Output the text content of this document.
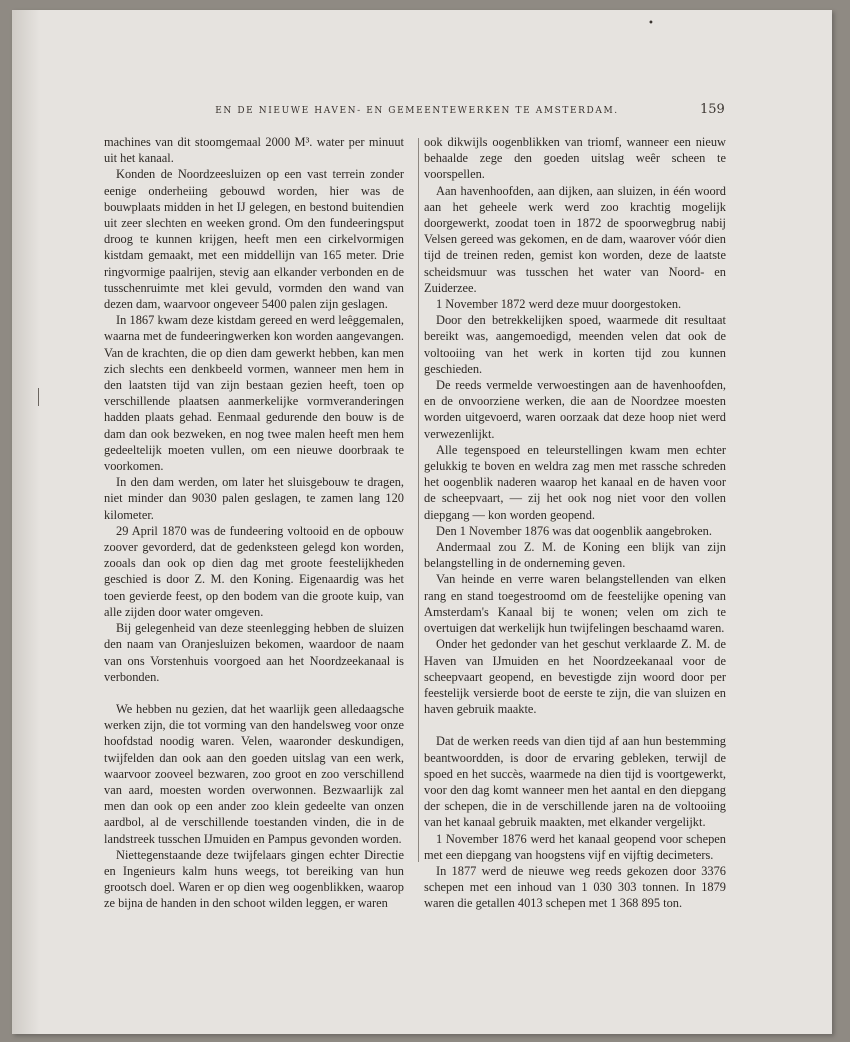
•
EN DE NIEUWE HAVEN- EN GEMEENTEWERKEN TE AMSTERDAM.	159

machines van dit stoomgemaal 2000 M³. water per minuut uit het kanaal.

Konden de Noordzeesluizen op een vast terrein zonder eenige onderheiing gebouwd worden, hier was de bouwplaats midden in het IJ gelegen, en bestond buitendien uit zeer slechten en weeken grond. Om den fundeeringsput droog te kunnen krijgen, heeft men een cirkelvormigen kistdam gemaakt, met een middellijn van 165 meter. Drie ringvormige paalrijen, stevig aan elkander verbonden en de tusschenruimte met klei gevuld, vormden den wand van dezen dam, waarvoor ongeveer 5400 palen zijn geslagen.

In 1867 kwam deze kistdam gereed en werd leêggemalen, waarna met de fundeeringwerken kon worden aangevangen. Van de krachten, die op dien dam gewerkt hebben, kan men zich slechts een denkbeeld vormen, wanneer men hem in den laatsten tijd van zijn bestaan gezien heeft, toen op verschillende plaatsen aanmerkelijke vormveranderingen hadden plaats gehad. Eenmaal gedurende den bouw is de dam dan ook bezweken, en nog twee malen heeft men hem gedeeltelijk moeten vullen, om een nieuwe doorbraak te voorkomen.

In den dam werden, om later het sluisgebouw te dragen, niet minder dan 9030 palen geslagen, te zamen lang 120 kilometer.

29 April 1870 was de fundeering voltooid en de opbouw zoover gevorderd, dat de gedenksteen gelegd kon worden, zooals dan ook op dien dag met groote feestelijkheden geschied is door Z. M. den Koning. Eigenaardig was het toen gevierde feest, op den bodem van die groote kuip, van alle zijden door water omgeven.

Bij gelegenheid van deze steenlegging hebben de sluizen den naam van Oranjesluizen bekomen, waardoor de naam van ons Vorstenhuis voorgoed aan het Noordzeekanaal is verbonden.

We hebben nu gezien, dat het waarlijk geen alledaagsche werken zijn, die tot vorming van den handelsweg voor onze hoofdstad noodig waren. Velen, waaronder deskundigen, twijfelden dan ook aan den goeden uitslag van een werk, waarvoor zooveel bezwaren, zoo groot en zoo verschillend van aard, moesten worden overwonnen. Bezwaarlijk zal men dan ook op een ander zoo klein gedeelte van onzen aardbol, al de verschillende toestanden vinden, die in de landstreek tusschen IJmuiden en Pampus gevonden worden.

Niettegenstaande deze twijfelaars gingen echter Directie en Ingenieurs kalm huns weegs, tot bereiking van hun grootsch doel. Waren er op dien weg oogenblikken, waarop ze bijna de handen in den schoot wilden leggen, er waren

ook dikwijls oogenblikken van triomf, wanneer een nieuw behaalde zege den goeden uitslag weêr scheen te voorspellen.

Aan havenhoofden, aan dijken, aan sluizen, in één woord aan het geheele werk werd zoo krachtig mogelijk doorgewerkt, zoodat toen in 1872 de spoorwegbrug nabij Velsen gereed was gekomen, en de dam, waarover vóór dien tijd de treinen reden, gemist kon worden, deze de laatste scheidsmuur was tusschen het water van Noord- en Zuiderzee.

1 November 1872 werd deze muur doorgestoken.

Door den betrekkelijken spoed, waarmede dit resultaat bereikt was, aangemoedigd, meenden velen dat ook de voltooiing van het werk in korten tijd zou kunnen geschieden.

De reeds vermelde verwoestingen aan de havenhoofden, en de onvoorziene werken, die aan de Noordzee moesten worden uitgevoerd, waren oorzaak dat deze hoop niet werd verwezenlijkt.

Alle tegenspoed en teleurstellingen kwam men echter gelukkig te boven en weldra zag men met rassche schreden het oogenblik naderen waarop het kanaal en de haven voor de scheepvaart, — zij het ook nog niet voor den vollen diepgang — kon worden geopend.

Den 1 November 1876 was dat oogenblik aangebroken.

Andermaal zou Z. M. de Koning een blijk van zijn belangstelling in de onderneming geven.

Van heinde en verre waren belangstellenden van elken rang en stand toegestroomd om de feestelijke opening van Amsterdam's Kanaal bij te wonen; velen om zich te overtuigen dat werkelijk hun twijfelingen beschaamd waren.

Onder het gedonder van het geschut verklaarde Z. M. de Haven van IJmuiden en het Noordzeekanaal voor de scheepvaart geopend, en bevestigde zijn woord door per feestelijk versierde boot de eerste te zijn, die van sluizen en haven gebruik maakte.

Dat de werken reeds van dien tijd af aan hun bestemming beantwoordden, is door de ervaring gebleken, terwijl de spoed en het succès, waarmede na dien tijd is voortgewerkt, voor den dag komt wanneer men het aantal en den diepgang der schepen, die in de verschillende jaren na de voltooiing van het kanaal gebruik maakten, met elkander vergelijkt.

1 November 1876 werd het kanaal geopend voor schepen met een diepgang van hoogstens vijf en vijftig decimeters.

In 1877 werd de nieuwe weg reeds gekozen door 3376 schepen met een inhoud van 1 030 303 tonnen. In 1879 waren die getallen 4013 schepen met 1 368 895 ton.
